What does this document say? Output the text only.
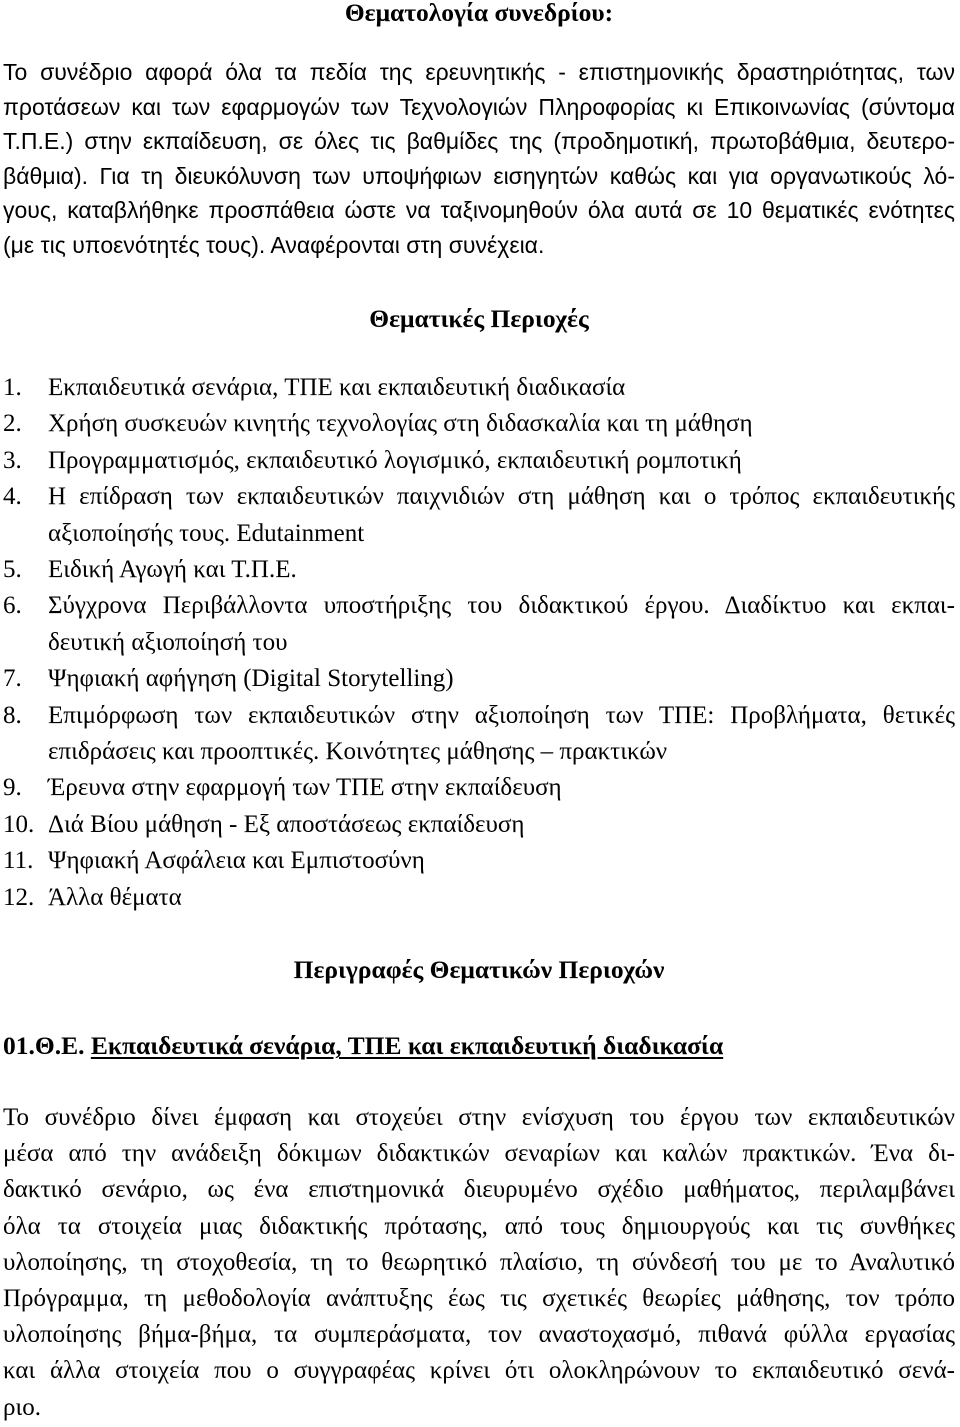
Θεματολογία συνεδρίου:
Το συνέδριο αφορά όλα τα πεδία της ερευνητικής - επιστημονικής δραστηριότητας, των
προτάσεων και των εφαρμογών των Τεχνολογιών Πληροφορίας κι Επικοινωνίας (σύντομα
Τ.Π.Ε.) στην εκπαίδευση, σε όλες τις βαθμίδες της (προδημοτική, πρωτοβάθμια, δευτερο-
βάθμια). Για τη διευκόλυνση των υποψήφιων εισηγητών καθώς και για οργανωτικούς λό-
γους, καταβλήθηκε προσπάθεια ώστε να ταξινομηθούν όλα αυτά σε 10 θεματικές ενότητες
(με τις υποενότητές τους). Αναφέρονται στη συνέχεια.
Θεματικές Περιοχές
1. Εκπαιδευτικά σενάρια, ΤΠΕ και εκπαιδευτική διαδικασία
2. Χρήση συσκευών κινητής τεχνολογίας στη διδασκαλία και τη μάθηση
3. Προγραμματισμός, εκπαιδευτικό λογισμικό, εκπαιδευτική ρομποτική
4. Η επίδραση των εκπαιδευτικών παιχνιδιών στη μάθηση και ο τρόπος εκπαιδευτικής
αξιοποίησής τους. Edutainment
5. Ειδική Αγωγή και Τ.Π.Ε.
6. Σύγχρονα Περιβάλλοντα υποστήριξης του διδακτικού έργου. Διαδίκτυο και εκπαι-
δευτική αξιοποίησή του
7. Ψηφιακή αφήγηση (Digital Storytelling)
8. Επιμόρφωση των εκπαιδευτικών στην αξιοποίηση των ΤΠΕ: Προβλήματα, θετικές
επιδράσεις και προοπτικές. Κοινότητες μάθησης – πρακτικών
9. Έρευνα στην εφαρμογή των ΤΠΕ στην εκπαίδευση
10. Διά Βίου μάθηση - Εξ αποστάσεως εκπαίδευση
11. Ψηφιακή Ασφάλεια και Εμπιστοσύνη
12. Άλλα θέματα
Περιγραφές Θεματικών Περιοχών
01.Θ.Ε. Εκπαιδευτικά σενάρια, ΤΠΕ και εκπαιδευτική διαδικασία
Το συνέδριο δίνει έμφαση και στοχεύει στην ενίσχυση του έργου των εκπαιδευτικών
μέσα από την ανάδειξη δόκιμων διδακτικών σεναρίων και καλών πρακτικών. Ένα δι-
δακτικό σενάριο, ως ένα επιστημονικά διευρυμένο σχέδιο μαθήματος, περιλαμβάνει
όλα τα στοιχεία μιας διδακτικής πρότασης, από τους δημιουργούς και τις συνθήκες
υλοποίησης, τη στοχοθεσία, τη το θεωρητικό πλαίσιο, τη σύνδεσή του με το Αναλυτικό
Πρόγραμμα, τη μεθοδολογία ανάπτυξης έως τις σχετικές θεωρίες μάθησης, τον τρόπο
υλοποίησης βήμα-βήμα, τα συμπεράσματα, τον αναστοχασμό, πιθανά φύλλα εργασίας
και άλλα στοιχεία που ο συγγραφέας κρίνει ότι ολοκληρώνουν το εκπαιδευτικό σενά-
ριο.
